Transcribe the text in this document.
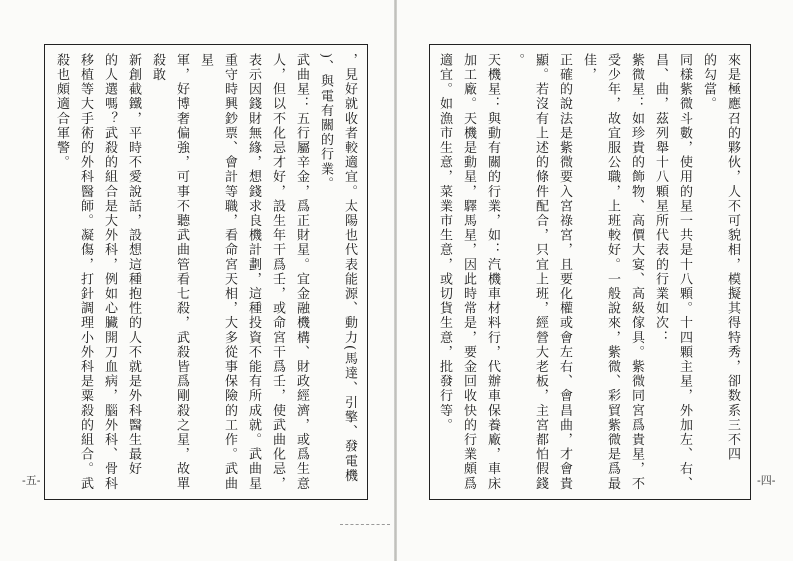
，見好就收者較適宜。太陽也代表能源、動力(馬達、引擎、發電機

)、與電有關的行業。

武曲星：五行屬辛金，爲正財星。宜金融機構、財政經濟，或爲生意

人，但以不化忌才好，設生年干爲壬，或命宮干爲壬，使武曲化忌，

表示因錢財無緣，想錢求良機計劃，這種投資不能有所成就。武曲星

重守時興鈔票、會計等職，看命宮天相，大多從事保險的工作。武曲星

軍，好博奢偏強，可事不聽武曲管看七殺，武殺皆爲剛殺之星，故單殺敢

新創截鐵，平時不愛說話，設想這種抱性的人不就是外科醫生最好

的人選嗎？武殺的組合是大外科，例如心臟開刀血病，腦外科、骨科

移植等大手術的外科醫師。凝傷，打針調理小外科是粟殺的組合。武

殺也頗適合軍警。

-五-

來是極應召的夥伙，人不可貌相，模擬其得特秀，卻数系三不四

的勾當。

同樣紫微斗數，使用的星一共是十八顆。十四顆主星，外加左、右、

昌、曲，茲列舉十八顆星所代表的行業如次：

紫微星：如珍貴的飾物、高價大宴、高級傢具。紫微同宮爲貴星，不

受少年，故宜服公職，上班較好。一般說來，紫微、彩貿紫微是爲最佳，

正確的說法是紫微要入宮祿宮，且要化權或會左右、會昌曲，才會貴

顯。若沒有上述的條件配合，只宜上班，經營大老板，主宮都怕假錢

。

天機星：與動有關的行業，如：汽機車材料行，代辦車保養廠，車床

加工廠。天機是動星，驛馬星，因此時常是，要金回收快的行業頗爲

適宜。如漁市生意，菜業市生意，或切貨生意，批發行等。

-四-
